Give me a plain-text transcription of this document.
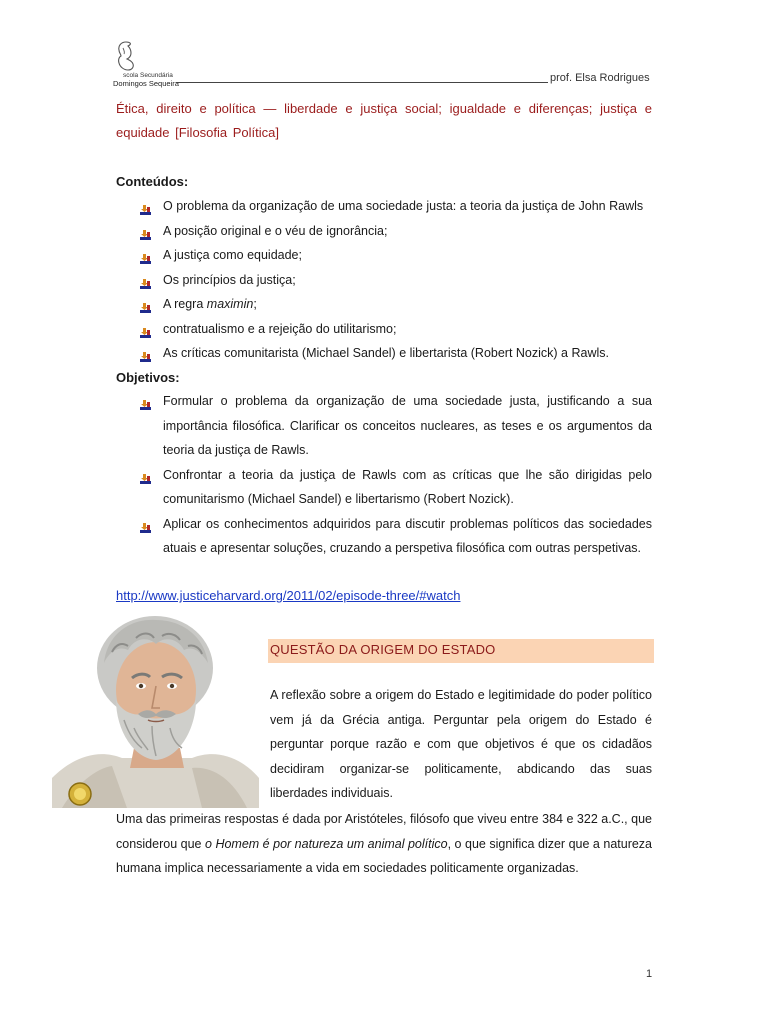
scola Secundária
Domingos Sequeira	prof. Elsa Rodrigues
Ética, direito e política — liberdade e justiça social; igualdade e diferenças; justiça e equidade [Filosofia Política]
Conteúdos:
O problema da organização de uma sociedade justa: a teoria da justiça de John Rawls
A posição original e o véu de ignorância;
A justiça como equidade;
Os princípios da justiça;
A regra maximin;
contratualismo e a rejeição do utilitarismo;
As críticas comunitarista (Michael Sandel) e libertarista (Robert Nozick) a Rawls.
Objetivos:
Formular o problema da organização de uma sociedade justa, justificando a sua importância filosófica. Clarificar os conceitos nucleares, as teses e os argumentos da teoria da justiça de Rawls.
Confrontar a teoria da justiça de Rawls com as críticas que lhe são dirigidas pelo comunitarismo (Michael Sandel) e libertarismo (Robert Nozick).
Aplicar os conhecimentos adquiridos para discutir problemas políticos das sociedades atuais e apresentar soluções, cruzando a perspetiva filosófica com outras perspetivas.
http://www.justiceharvard.org/2011/02/episode-three/#watch
QUESTÃO DA ORIGEM DO ESTADO
A reflexão sobre a origem do Estado e legitimidade do poder político vem já da Grécia antiga. Perguntar pela origem do Estado é perguntar porque razão e com que objetivos é que os cidadãos decidiram organizar-se politicamente, abdicando das suas liberdades individuais.
Uma das primeiras respostas é dada por Aristóteles, filósofo que viveu entre 384 e 322 a.C., que considerou que o Homem é por natureza um animal político, o que significa dizer que a natureza humana implica necessariamente a vida em sociedades politicamente organizadas.
1
